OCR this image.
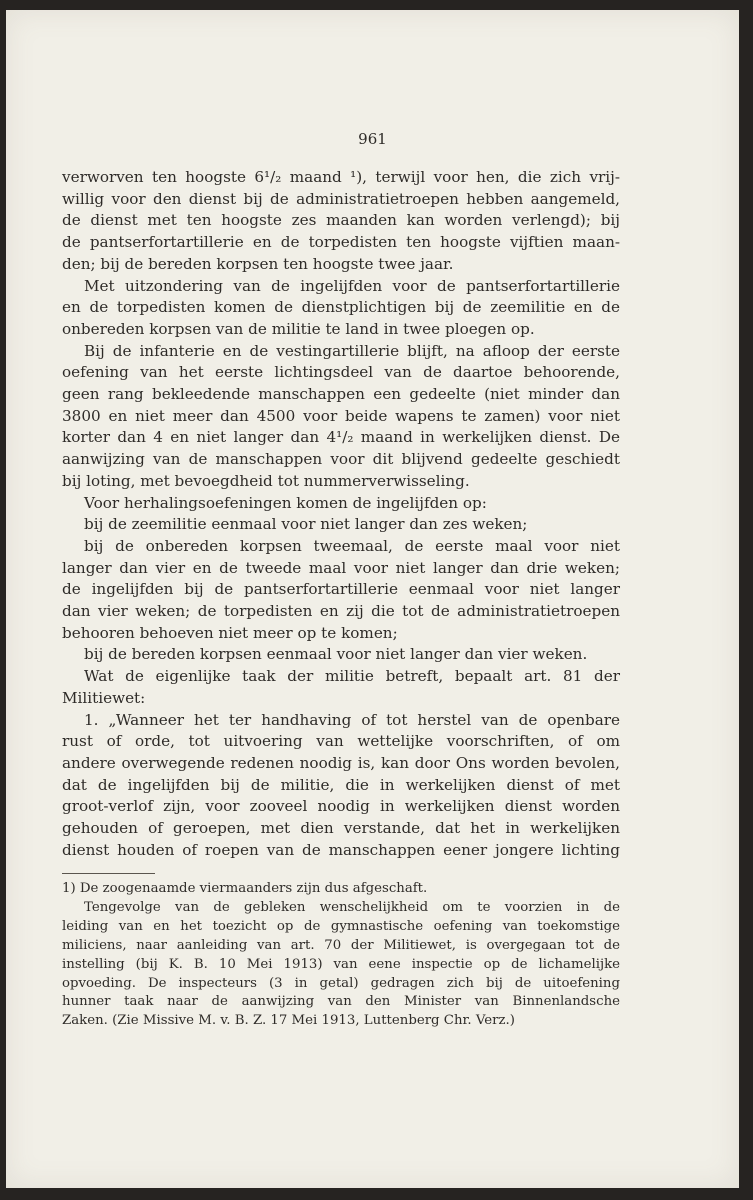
961
verworven ten hoogste 6¹/₂ maand ¹), terwijl voor hen, die zich vrij-
willig voor den dienst bij de administratietroepen hebben aangemeld,
de dienst met ten hoogste zes maanden kan worden verlengd); bij
de pantserfortartillerie en de torpedisten ten hoogste vijftien maan-
den; bij de bereden korpsen ten hoogste twee jaar.
Met uitzondering van de ingelijfden voor de pantserfortartillerie
en de torpedisten komen de dienstplichtigen bij de zeemilitie en de
onbereden korpsen van de militie te land in twee ploegen op.
Bij de infanterie en de vestingartillerie blijft, na afloop der eerste
oefening van het eerste lichtingsdeel van de daartoe behoorende,
geen rang bekleedende manschappen een gedeelte (niet minder dan
3800 en niet meer dan 4500 voor beide wapens te zamen) voor niet
korter dan 4 en niet langer dan 4¹/₂ maand in werkelijken dienst. De
aanwijzing van de manschappen voor dit blijvend gedeelte geschiedt
bij loting, met bevoegdheid tot nummerverwisseling.
Voor herhalingsoefeningen komen de ingelijfden op:
bij de zeemilitie eenmaal voor niet langer dan zes weken;
bij de onbereden korpsen tweemaal, de eerste maal voor niet
langer dan vier en de tweede maal voor niet langer dan drie weken;
de ingelijfden bij de pantserfortartillerie eenmaal voor niet langer
dan vier weken; de torpedisten en zij die tot de administratietroepen
behooren behoeven niet meer op te komen;
bij de bereden korpsen eenmaal voor niet langer dan vier weken.
Wat de eigenlijke taak der militie betreft, bepaalt art. 81 der
Militiewet:
1. „Wanneer het ter handhaving of tot herstel van de openbare
rust of orde, tot uitvoering van wettelijke voorschriften, of om
andere overwegende redenen noodig is, kan door Ons worden bevolen,
dat de ingelijfden bij de militie, die in werkelijken dienst of met
groot-verlof zijn, voor zooveel noodig in werkelijken dienst worden
gehouden of geroepen, met dien verstande, dat het in werkelijken
dienst houden of roepen van de manschappen eener jongere lichting
1) De zoogenaamde viermaanders zijn dus afgeschaft.
Tengevolge van de gebleken wenschelijkheid om te voorzien in de
leiding van en het toezicht op de gymnastische oefening van toekomstige
miliciens, naar aanleiding van art. 70 der Militiewet, is overgegaan tot de
instelling (bij K. B. 10 Mei 1913) van eene inspectie op de lichamelijke
opvoeding. De inspecteurs (3 in getal) gedragen zich bij de uitoefening
hunner taak naar de aanwijzing van den Minister van Binnenlandsche
Zaken. (Zie Missive M. v. B. Z. 17 Mei 1913, Luttenberg Chr. Verz.)
